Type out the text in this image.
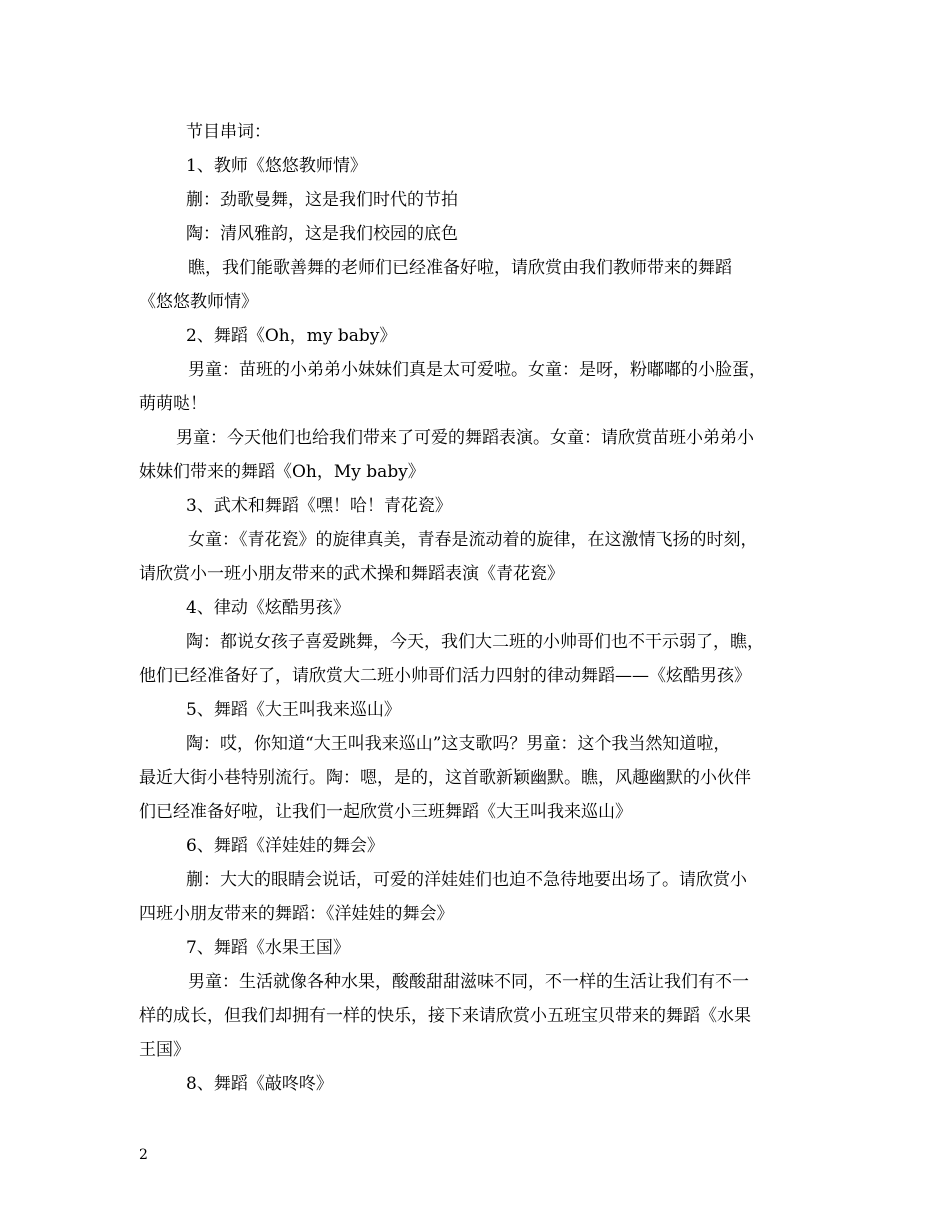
节目串词：
1、教师《悠悠教师情》
蒯：劲歌曼舞，这是我们时代的节拍
陶：清风雅韵，这是我们校园的底色
瞧，我们能歌善舞的老师们已经准备好啦，请欣赏由我们教师带来的舞蹈
《悠悠教师情》
2、舞蹈《Oh，my baby》
男童：苗班的小弟弟小妹妹们真是太可爱啦。女童：是呀，粉嘟嘟的小脸蛋，
萌萌哒！
男童：今天他们也给我们带来了可爱的舞蹈表演。女童：请欣赏苗班小弟弟小
妹妹们带来的舞蹈《Oh，My baby》
3、武术和舞蹈《嘿！哈！青花瓷》
女童：《青花瓷》的旋律真美，青春是流动着的旋律，在这激情飞扬的时刻，
请欣赏小一班小朋友带来的武术操和舞蹈表演《青花瓷》
4、律动《炫酷男孩》
陶：都说女孩子喜爱跳舞，今天，我们大二班的小帅哥们也不干示弱了，瞧，
他们已经准备好了，请欣赏大二班小帅哥们活力四射的律动舞蹈——《炫酷男孩》
5、舞蹈《大王叫我来巡山》
陶：哎，你知道“大王叫我来巡山”这支歌吗？男童：这个我当然知道啦，
最近大街小巷特别流行。陶：嗯，是的，这首歌新颖幽默。瞧，风趣幽默的小伙伴
们已经准备好啦，让我们一起欣赏小三班舞蹈《大王叫我来巡山》
6、舞蹈《洋娃娃的舞会》
蒯：大大的眼睛会说话，可爱的洋娃娃们也迫不急待地要出场了。请欣赏小
四班小朋友带来的舞蹈：《洋娃娃的舞会》
7、舞蹈《水果王国》
男童：生活就像各种水果，酸酸甜甜滋味不同，不一样的生活让我们有不一
样的成长，但我们却拥有一样的快乐，接下来请欣赏小五班宝贝带来的舞蹈《水果
王国》
8、舞蹈《敲咚咚》
2
